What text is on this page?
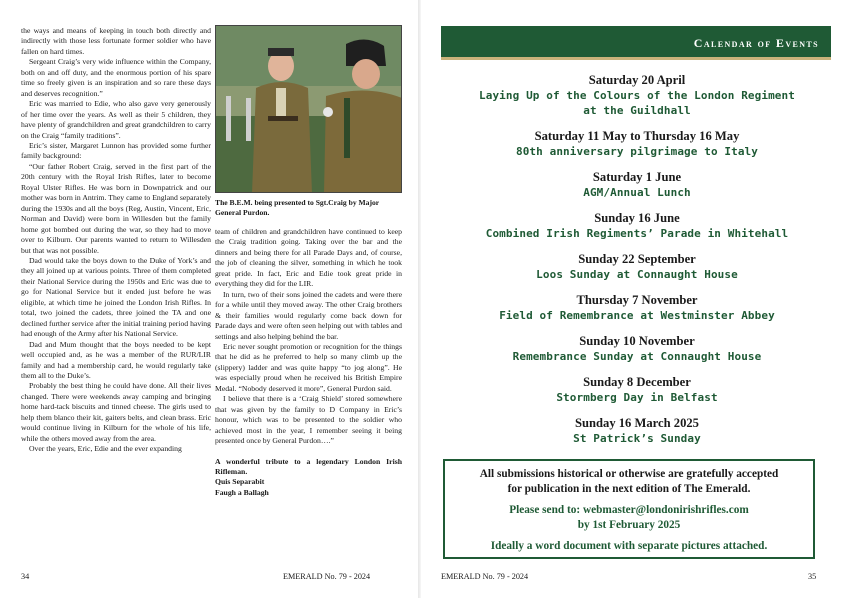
the ways and means of keeping in touch both directly and indirectly with those less fortunate former soldier who have fallen on hard times.

Sergeant Craig’s very wide influence within the Company, both on and off duty, and the enormous portion of his spare time so freely given is an inspiration and so rare these days and deserves recognition.”

Eric was married to Edie, who also gave very generously of her time over the years. As well as their 5 children, they have plenty of grandchildren and great grandchildren to carry on the Craig “family traditions”.

Eric’s sister, Margaret Lunnon has provided some further family background:

“Our father Robert Craig, served in the first part of the 20th century with the Royal Irish Rifles, later to become Royal Ulster Rifles. He was born in Downpatrick and our mother was born in Antrim. They came to England separately during the 1930s and all the boys (Reg, Austin, Vincent, Eric, Norman and David) were born in Willesden but the family home got bombed out during the war, so they had to move over to Kilburn. Our parents wanted to return to Willesden but that was not possible.

Dad would take the boys down to the Duke of York’s and they all joined up at various points. Three of them completed their National Service during the 1950s and Eric was due to go for National Service but it ended just before he was eligible, at which time he joined the London Irish Rifles. In total, two joined the cadets, three joined the TA and one declined further service after the initial training period having had enough of the Army after his National Service.

Dad and Mum thought that the boys needed to be kept well occupied and, as he was a member of the RUR/LIR family and had a membership card, he would regularly take them all to the Duke’s.

Probably the best thing he could have done. All their lives changed. There were weekends away camping and bringing home hard-tack biscuits and tinned cheese. The girls used to help them blanco their kit, gaiters belts, and clean brass. Eric would continue living in Kilburn for the whole of his life, while the others moved away from the area.

Over the years, Eric, Edie and the ever expanding

The B.E.M. being presented to Sgt.Craig by Major General Purdon.

team of children and grandchildren have continued to keep the Craig tradition going. Taking over the bar and the dinners and being there for all Parade Days and, of course, the job of cleaning the silver, something in which he took great pride. In fact, Eric and Edie took great pride in everything they did for the LIR.

In turn, two of their sons joined the cadets and were there for a while until they moved away. The other Craig brothers & their families would regularly come back down for Parade days and were often seen helping out with tables and settings and also helping behind the bar.

Eric never sought promotion or recognition for the things that he did as he preferred to help so many climb up the (slippery) ladder and was quite happy “to jog along”. He was especially proud when he received his British Empire Medal. “Nobody deserved it more”, General Purdon said.

I believe that there is a ‘Craig Shield’ stored somewhere that was given by the family to D Company in Eric’s honour, which was to be presented to the soldier who achieved most in the year, I remember seeing it being presented once by General Purdon….”

A wonderful tribute to a legendary London Irish Rifleman.

Quis Separabit

Faugh a Ballagh

34	EMERALD No. 79 - 2024
Calendar of Events
Saturday 20 April
Laying Up of the Colours of the London Regiment
at the Guildhall
Saturday 11 May to Thursday 16 May
80th anniversary pilgrimage to Italy
Saturday 1 June
AGM/Annual Lunch
Sunday 16 June
Combined Irish Regiments’ Parade in Whitehall
Sunday 22 September
Loos Sunday at Connaught House
Thursday 7 November
Field of Remembrance at Westminster Abbey
Sunday 10 November
Remembrance Sunday at Connaught House
Sunday 8 December
Stormberg Day in Belfast
Sunday 16 March 2025
St Patrick’s Sunday
All submissions historical or otherwise are gratefully accepted
for publication in the next edition of The Emerald.
Please send to: webmaster@londonirishrifles.com
by 1st February 2025
Ideally a word document with separate pictures attached.
EMERALD No. 79 - 2024	35
